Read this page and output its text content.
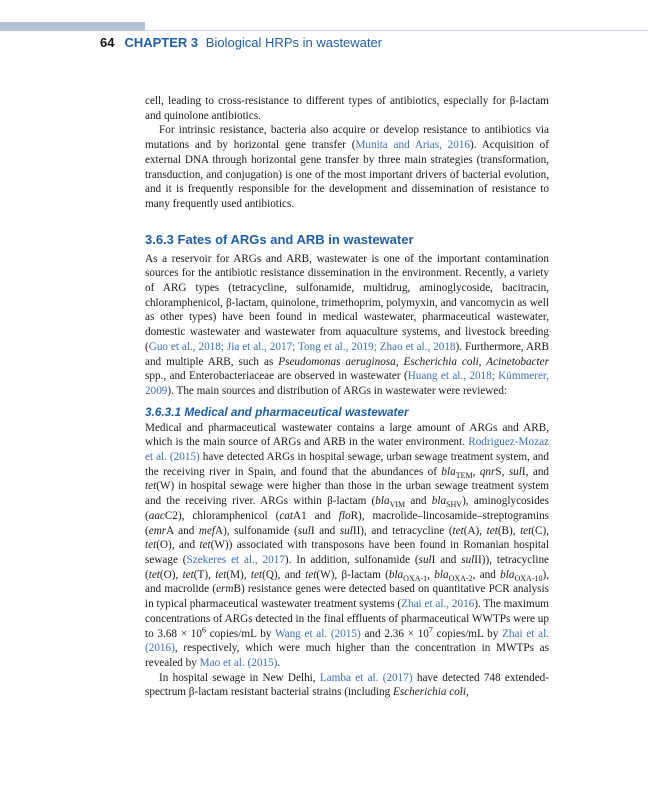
64 CHAPTER 3 Biological HRPs in wastewater

cell, leading to cross-resistance to different types of antibiotics, especially for β-lactam and quinolone antibiotics.

For intrinsic resistance, bacteria also acquire or develop resistance to antibiotics via mutations and by horizontal gene transfer (Munita and Arias, 2016). Acquisition of external DNA through horizontal gene transfer by three main strategies (transformation, transduction, and conjugation) is one of the most important drivers of bacterial evolution, and it is frequently responsible for the development and dissemination of resistance to many frequently used antibiotics.

3.6.3 Fates of ARGs and ARB in wastewater

As a reservoir for ARGs and ARB, wastewater is one of the important contamination sources for the antibiotic resistance dissemination in the environment. Recently, a variety of ARG types (tetracycline, sulfonamide, multidrug, aminoglycoside, bacitracin, chloramphenicol, β-lactam, quinolone, trimethoprim, polymyxin, and vancomycin as well as other types) have been found in medical wastewater, pharmaceutical wastewater, domestic wastewater and wastewater from aquaculture systems, and livestock breeding (Guo et al., 2018; Jia et al., 2017; Tong et al., 2019; Zhao et al., 2018). Furthermore, ARB and multiple ARB, such as Pseudomonas aeruginosa, Escherichia coli, Acinetobacter spp., and Enterobacteriaceae are observed in wastewater (Huang et al., 2018; Kümmerer, 2009). The main sources and distribution of ARGs in wastewater were reviewed:

3.6.3.1 Medical and pharmaceutical wastewater

Medical and pharmaceutical wastewater contains a large amount of ARGs and ARB, which is the main source of ARGs and ARB in the water environment. Rodriguez-Mozaz et al. (2015) have detected ARGs in hospital sewage, urban sewage treatment system, and the receiving river in Spain, and found that the abundances of bla$_{TEM}$, qnrS, sulI, and tet(W) in hospital sewage were higher than those in the urban sewage treatment system and the receiving river. ARGs within β-lactam (bla$_{VIM}$ and bla$_{SHV}$), aminoglycosides (aacC2), chloramphenicol (catA1 and floR), macrolide–lincosamide–streptogramins (emrA and mefA), sulfonamide (sulI and sulII), and tetracycline (tet(A), tet(B), tet(C), tet(O), and tet(W)) associated with transposons have been found in Romanian hospital sewage (Szekeres et al., 2017). In addition, sulfonamide (sulI and sulII)), tetracycline (tet(O), tet(T), tet(M), tet(Q), and tet(W), β-lactam (bla$_{OXA-1}$, bla$_{OXA-2}$, and bla$_{OXA-10}$), and macrolide (ermB) resistance genes were detected based on quantitative PCR analysis in typical pharmaceutical wastewater treatment systems (Zhai et al., 2016). The maximum concentrations of ARGs detected in the final effluents of pharmaceutical WWTPs were up to $3.68 \times 10^6$ copies/mL by Wang et al. (2015) and $2.36 \times 10^7$ copies/mL by Zhai et al. (2016), respectively, which were much higher than the concentration in MWTPs as revealed by Mao et al. (2015).

In hospital sewage in New Delhi, Lamba et al. (2017) have detected 748 extended-spectrum β-lactam resistant bacterial strains (including Escherichia coli,
